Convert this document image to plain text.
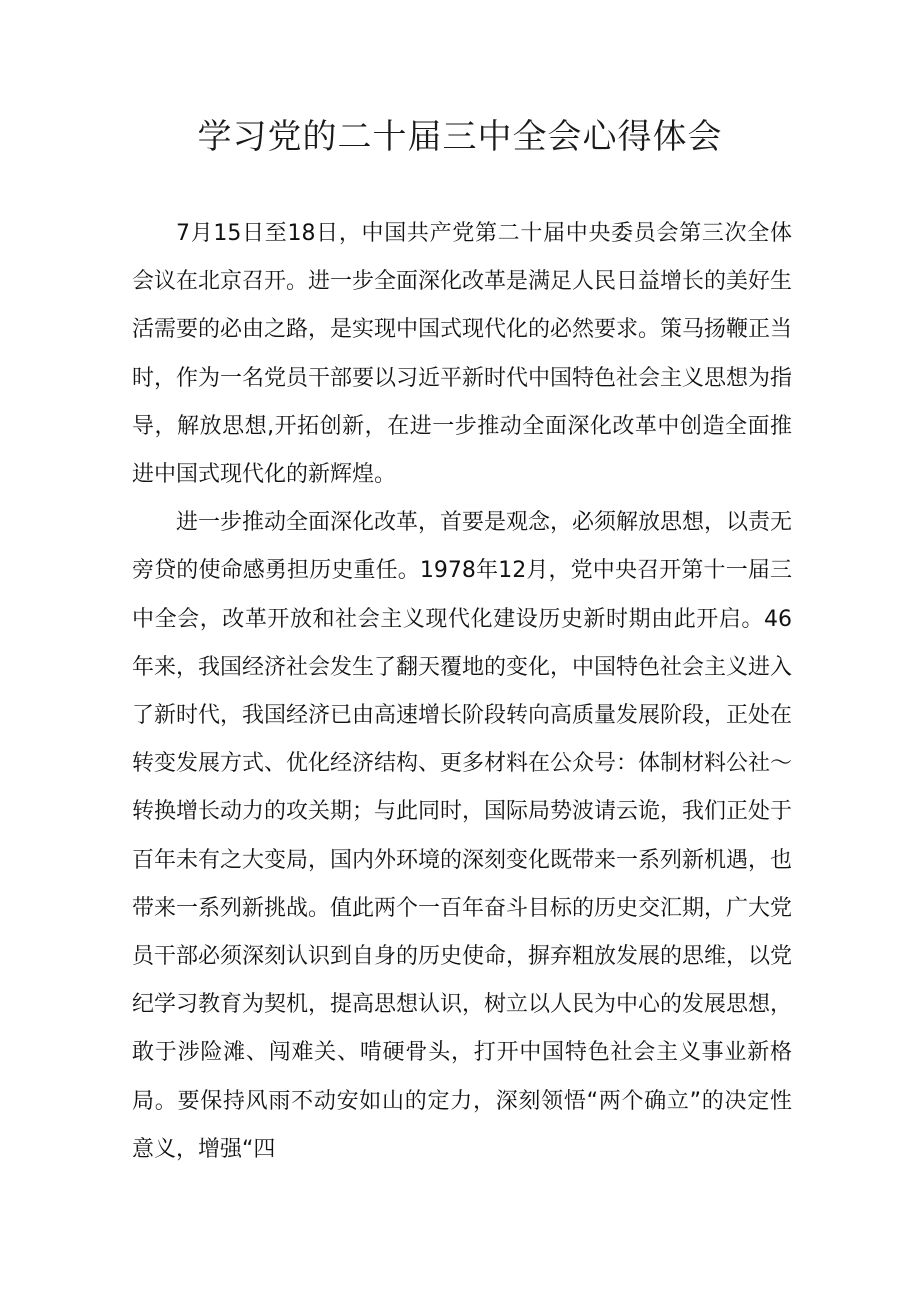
学习党的二十届三中全会心得体会

7月15日至18日，中国共产党第二十届中央委员会第三次全体会议在北京召开。进一步全面深化改革是满足人民日益增长的美好生活需要的必由之路，是实现中国式现代化的必然要求。策马扬鞭正当时，作为一名党员干部要以习近平新时代中国特色社会主义思想为指导，解放思想,开拓创新，在进一步推动全面深化改革中创造全面推进中国式现代化的新辉煌。

进一步推动全面深化改革，首要是观念，必须解放思想，以责无旁贷的使命感勇担历史重任。1978年12月，党中央召开第十一届三中全会，改革开放和社会主义现代化建设历史新时期由此开启。46年来，我国经济社会发生了翻天覆地的变化，中国特色社会主义进入了新时代，我国经济已由高速增长阶段转向高质量发展阶段，正处在转变发展方式、优化经济结构、更多材料在公众号：体制材料公社〜转换增长动力的攻关期；与此同时，国际局势波请云诡，我们正处于百年未有之大变局，国内外环境的深刻变化既带来一系列新机遇，也带来一系列新挑战。值此两个一百年奋斗目标的历史交汇期，广大党员干部必须深刻认识到自身的历史使命，摒弃粗放发展的思维，以党纪学习教育为契机，提高思想认识，树立以人民为中心的发展思想，敢于涉险滩、闯难关、啃硬骨头，打开中国特色社会主义事业新格局。要保持风雨不动安如山的定力，深刻领悟“两个确立”的决定性意义，增强“四
